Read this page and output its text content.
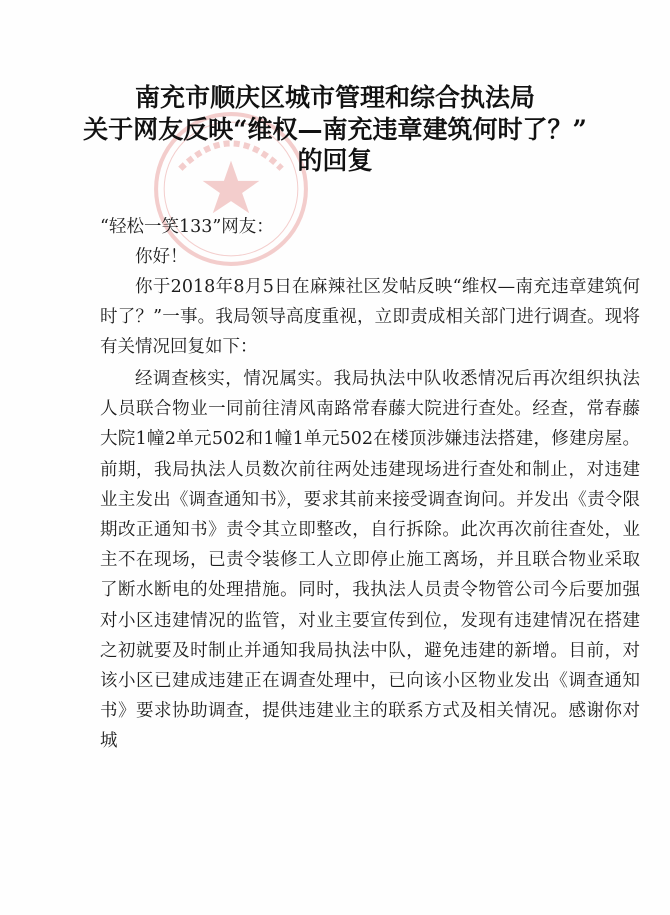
南充市顺庆区城市管理和综合执法局
关于网友反映“维权—南充违章建筑何时了？”
的回复
“轻松一笑133”网友：
你好！
你于2018年8月5日在麻辣社区发帖反映“维权—南充违章建筑何时了？”一事。我局领导高度重视，立即责成相关部门进行调查。现将有关情况回复如下：
经调查核实，情况属实。我局执法中队收悉情况后再次组织执法人员联合物业一同前往清风南路常春藤大院进行查处。经查，常春藤大院1幢2单元502和1幢1单元502在楼顶涉嫌违法搭建，修建房屋。前期，我局执法人员数次前往两处违建现场进行查处和制止，对违建业主发出《调查通知书》，要求其前来接受调查询问。并发出《责令限期改正通知书》责令其立即整改，自行拆除。此次再次前往查处，业主不在现场，已责令装修工人立即停止施工离场，并且联合物业采取了断水断电的处理措施。同时，我执法人员责令物管公司今后要加强对小区违建情况的监管，对业主要宣传到位，发现有违建情况在搭建之初就要及时制止并通知我局执法中队，避免违建的新增。目前，对该小区已建成违建正在调查处理中，已向该小区物业发出《调查通知书》要求协助调查，提供违建业主的联系方式及相关情况。感谢你对城
